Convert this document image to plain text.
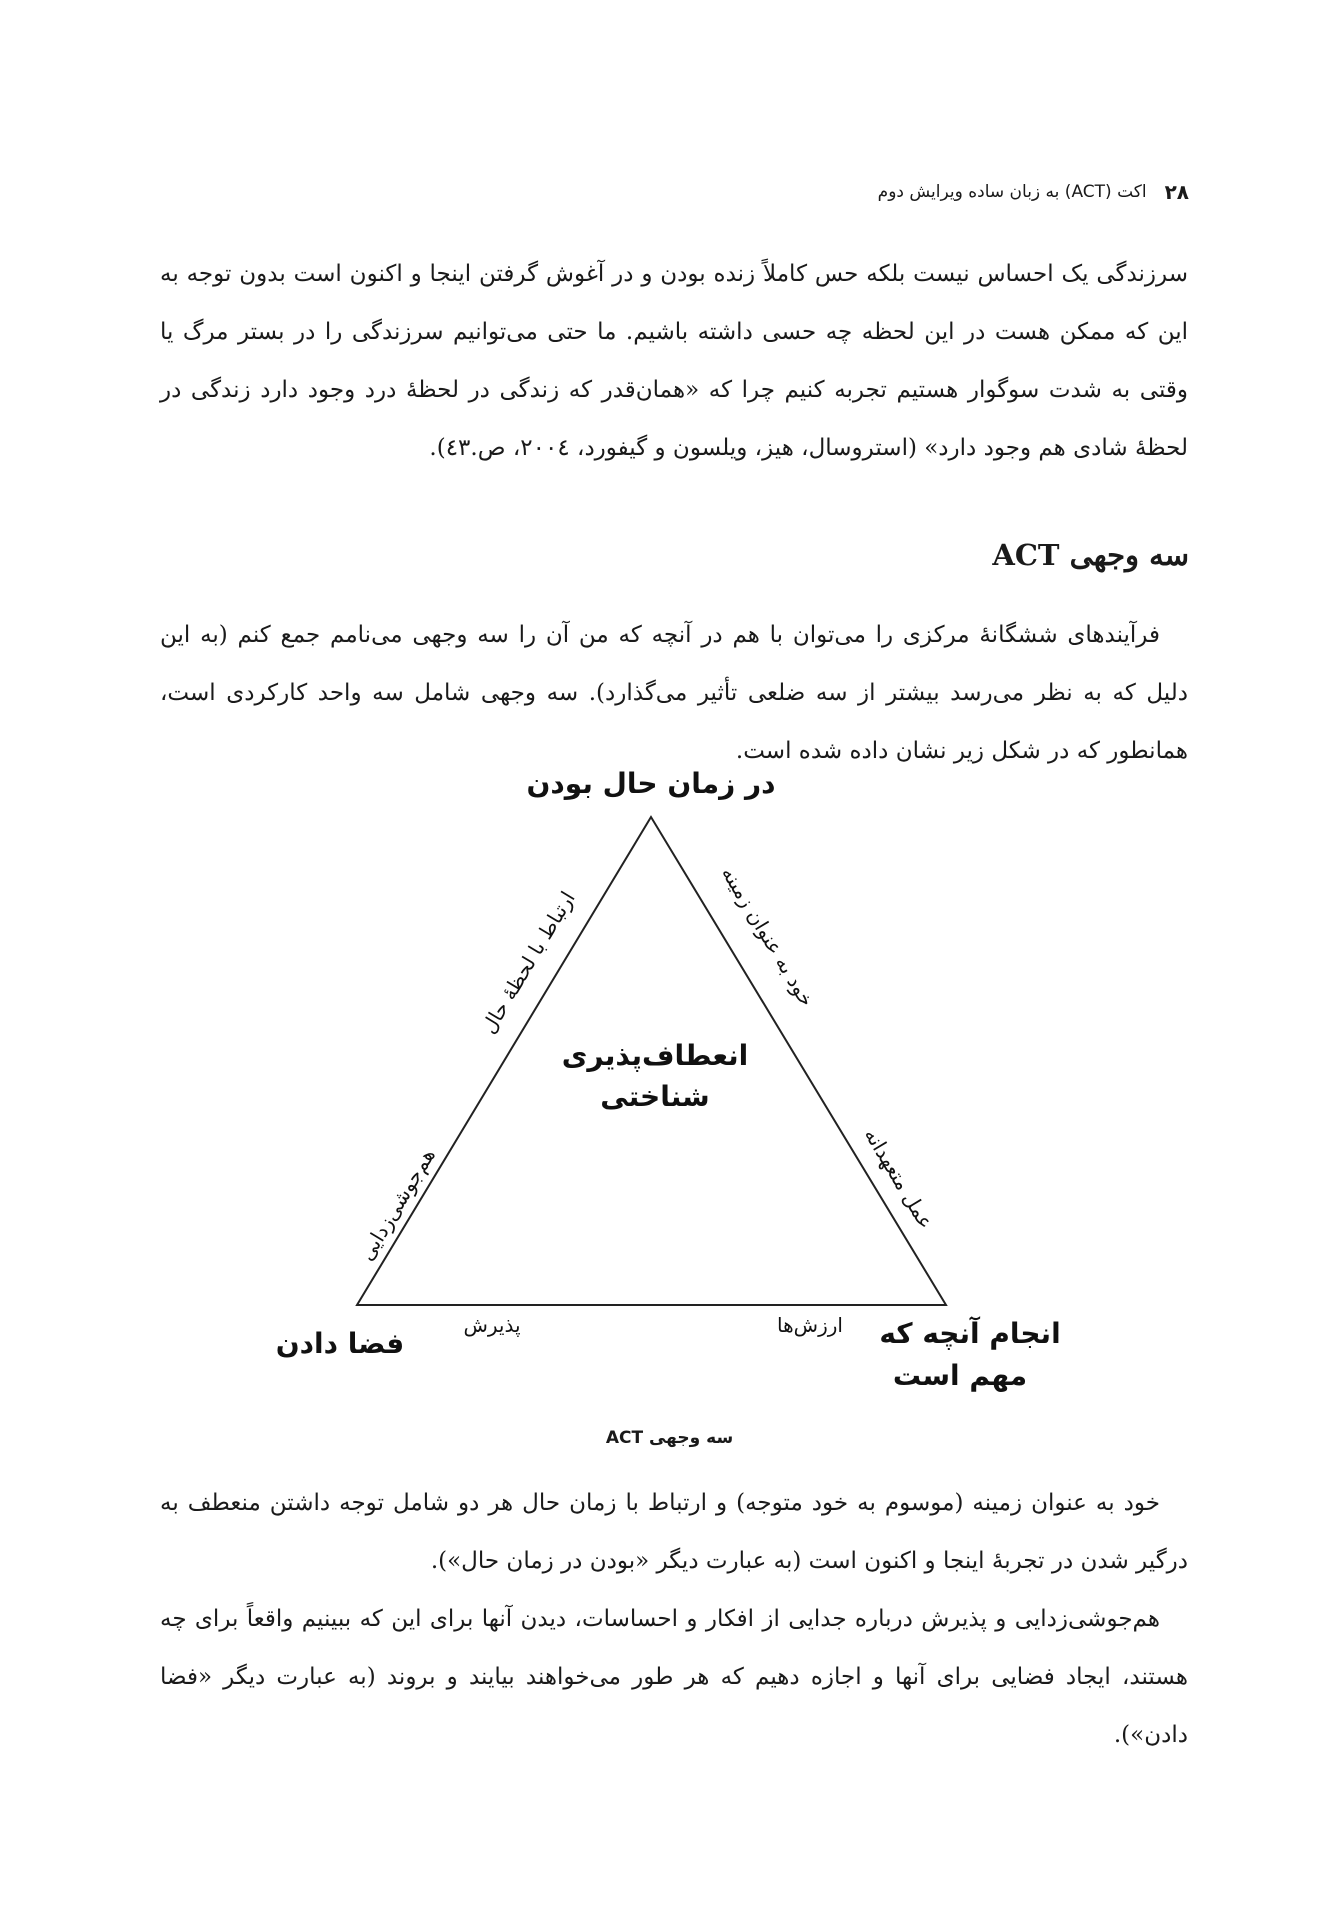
۲۸
اکت (ACT) به زبان ساده ویرایش دوم

سرزندگی یک احساس نیست بلکه حس کاملاً زنده بودن و در آغوش گرفتن اینجا و اکنون است بدون توجه به این که ممکن هست در این لحظه چه حسی داشته باشیم. ما حتی می‌توانیم سرزندگی را در بستر مرگ یا وقتی به شدت سوگوار هستیم تجربه کنیم چرا که «همان‌قدر که زندگی در لحظهٔ درد وجود دارد زندگی در لحظهٔ شادی هم وجود دارد» (استروسال، هیز، ویلسون و گیفورد، ۲۰۰٤، ص.٤۳).

سه وجهی ACT

فرآیندهای ششگانهٔ مرکزی را می‌توان با هم در آنچه که من آن را سه وجهی می‌نامم جمع کنم (به این دلیل که به نظر می‌رسد بیشتر از سه ضلعی تأثیر می‌گذارد). سه وجهی شامل سه واحد کارکردی است، همانطور که در شکل زیر نشان داده شده است.

در زمان حال بودن
انعطاف‌پذیری
شناختی
فضا دادن	انجام آنچه که
مهم است
ارتباط با لحظهٔ حال
هم‌جوشی‌زدایی
خود به عنوان زمینه
عمل متعهدانه
پذیرش	ارزش‌ها
سه وجهی ACT

خود به عنوان زمینه (موسوم به خود متوجه) و ارتباط با زمان حال هر دو شامل توجه داشتن منعطف به درگیر شدن در تجربهٔ اینجا و اکنون است (به عبارت دیگر «بودن در زمان حال»).

هم‌جوشی‌زدایی و پذیرش درباره جدایی از افکار و احساسات، دیدن آنها برای این که ببینیم واقعاً برای چه هستند، ایجاد فضایی برای آنها و اجازه دهیم که هر طور می‌خواهند بیایند و بروند (به عبارت دیگر «فضا دادن»).
